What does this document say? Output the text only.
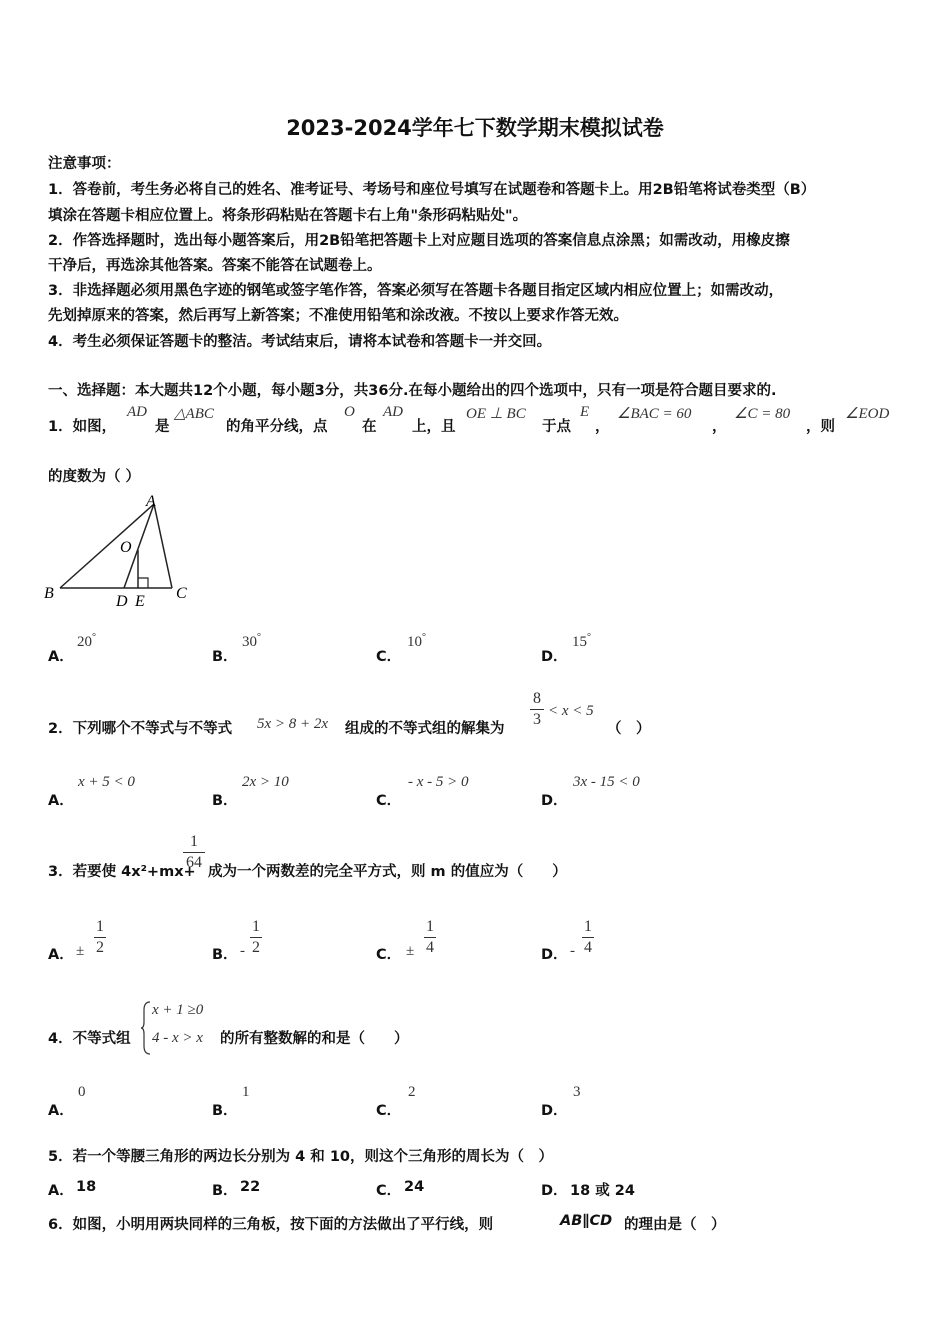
2023-2024学年七下数学期末模拟试卷
注意事项：
1．答卷前，考生务必将自己的姓名、准考证号、考场号和座位号填写在试题卷和答题卡上。用2B铅笔将试卷类型（B）
填涂在答题卡相应位置上。将条形码粘贴在答题卡右上角"条形码粘贴处"。
2．作答选择题时，选出每小题答案后，用2B铅笔把答题卡上对应题目选项的答案信息点涂黑；如需改动，用橡皮擦
干净后，再选涂其他答案。答案不能答在试题卷上。
3．非选择题必须用黑色字迹的钢笔或签字笔作答，答案必须写在答题卡各题目指定区域内相应位置上；如需改动，
先划掉原来的答案，然后再写上新答案；不准使用铅笔和涂改液。不按以上要求作答无效。
4．考生必须保证答题卡的整洁。考试结束后，请将本试卷和答题卡一并交回。
一、选择题：本大题共12个小题，每小题3分，共36分.在每小题给出的四个选项中，只有一项是符合题目要求的.
1．如图，
AD
是
△ABC
的角平分线，点
O
在
AD
上，且
OE ⊥ BC
于点
E
，
∠BAC = 60
，
∠C = 80
，则
∠EOD
的度数为（ ）
A
O
B	D E C
A．
20°
B．
30°
C．
10°
D．
15°
2．下列哪个不等式与不等式 5x > 8 + 2x 组成的不等式组的解集为
8
3 < x < 5
（　）
A．
x + 5 < 0
B．
2x > 10
C．
- x - 5 > 0
D．
3x - 15 < 0
3．若要使 4x²+mx+
1
64
成为一个两数差的完全平方式，则 m 的值应为（　　）
A． ±
1
2	B． -
1
2	C． ±
1
4	D． -
1
4
4．不等式组
x + 1 ≥0
4 - x > x 的所有整数解的和是（　　）
A．
0
B．
1
C．
2
D．
3
5．若一个等腰三角形的两边长分别为 4 和 10，则这个三角形的周长为（　）
A． 18	B． 22	C． 24	D． 18 或 24
6．如图，小明用两块同样的三角板，按下面的方法做出了平行线，则	AB∥CD 的理由是（　）
